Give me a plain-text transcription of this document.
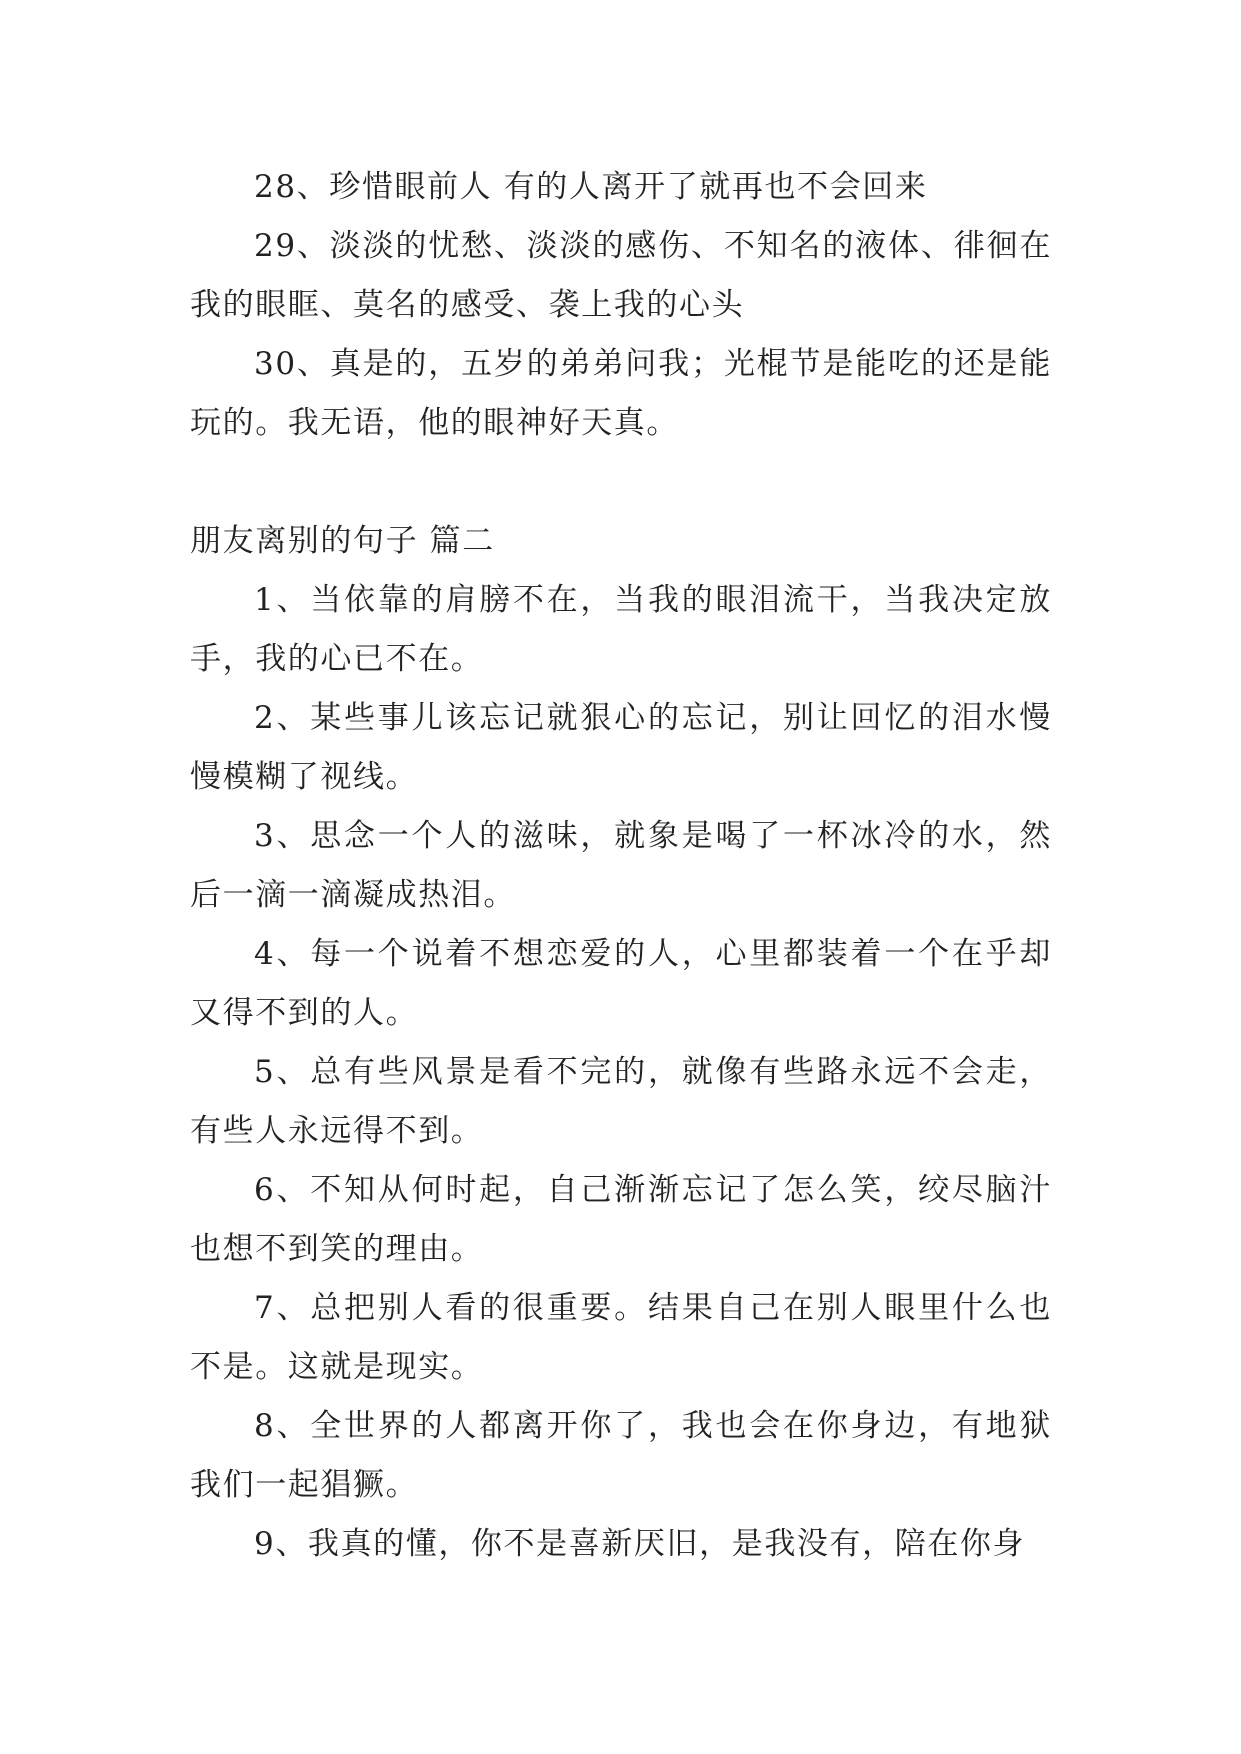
28、珍惜眼前人 有的人离开了就再也不会回来

29、淡淡的忧愁、淡淡的感伤、不知名的液体、徘徊在我的眼眶、莫名的感受、袭上我的心头

30、真是的，五岁的弟弟问我；光棍节是能吃的还是能玩的。我无语，他的眼神好天真。

朋友离别的句子 篇二

1、当依靠的肩膀不在，当我的眼泪流干，当我决定放手，我的心已不在。

2、某些事儿该忘记就狠心的忘记，别让回忆的泪水慢慢模糊了视线。

3、思念一个人的滋味，就象是喝了一杯冰冷的水，然后一滴一滴凝成热泪。

4、每一个说着不想恋爱的人，心里都装着一个在乎却又得不到的人。

5、总有些风景是看不完的，就像有些路永远不会走，有些人永远得不到。

6、不知从何时起，自己渐渐忘记了怎么笑，绞尽脑汁也想不到笑的理由。

7、总把别人看的很重要。结果自己在别人眼里什么也不是。这就是现实。

8、全世界的人都离开你了，我也会在你身边，有地狱我们一起猖獗。

9、我真的懂，你不是喜新厌旧，是我没有，陪在你身
